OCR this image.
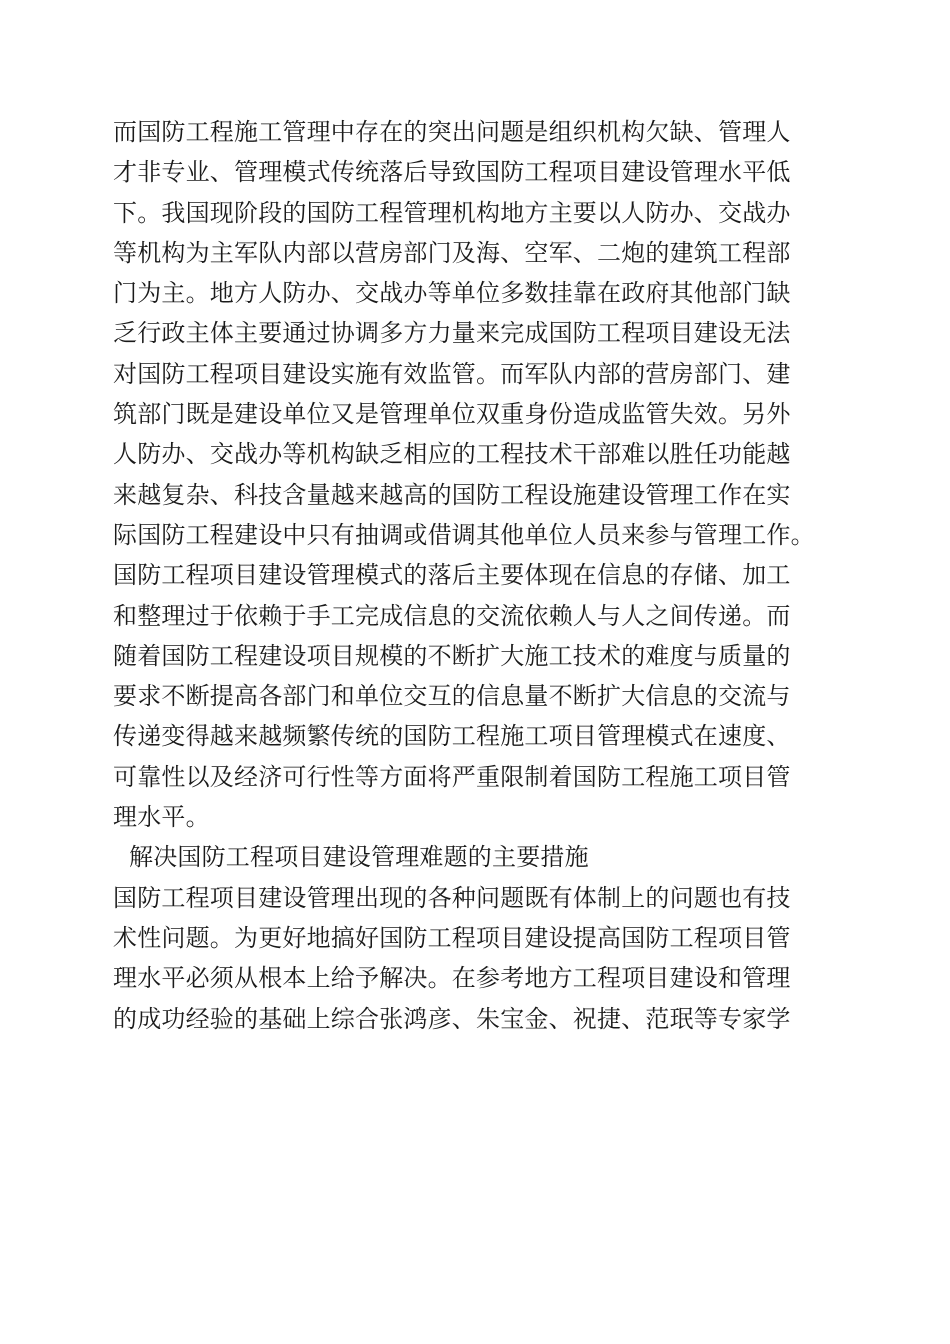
而国防工程施工管理中存在的突出问题是组织机构欠缺、管理人
才非专业、管理模式传统落后导致国防工程项目建设管理水平低
下。我国现阶段的国防工程管理机构地方主要以人防办、交战办
等机构为主军队内部以营房部门及海、空军、二炮的建筑工程部
门为主。地方人防办、交战办等单位多数挂靠在政府其他部门缺
乏行政主体主要通过协调多方力量来完成国防工程项目建设无法
对国防工程项目建设实施有效监管。而军队内部的营房部门、建
筑部门既是建设单位又是管理单位双重身份造成监管失效。另外
人防办、交战办等机构缺乏相应的工程技术干部难以胜任功能越
来越复杂、科技含量越来越高的国防工程设施建设管理工作在实
际国防工程建设中只有抽调或借调其他单位人员来参与管理工作。
国防工程项目建设管理模式的落后主要体现在信息的存储、加工
和整理过于依赖于手工完成信息的交流依赖人与人之间传递。而
随着国防工程建设项目规模的不断扩大施工技术的难度与质量的
要求不断提高各部门和单位交互的信息量不断扩大信息的交流与
传递变得越来越频繁传统的国防工程施工项目管理模式在速度、
可靠性以及经济可行性等方面将严重限制着国防工程施工项目管
理水平。
解决国防工程项目建设管理难题的主要措施
国防工程项目建设管理出现的各种问题既有体制上的问题也有技
术性问题。为更好地搞好国防工程项目建设提高国防工程项目管
理水平必须从根本上给予解决。在参考地方工程项目建设和管理
的成功经验的基础上综合张鸿彦、朱宝金、祝捷、范珉等专家学
